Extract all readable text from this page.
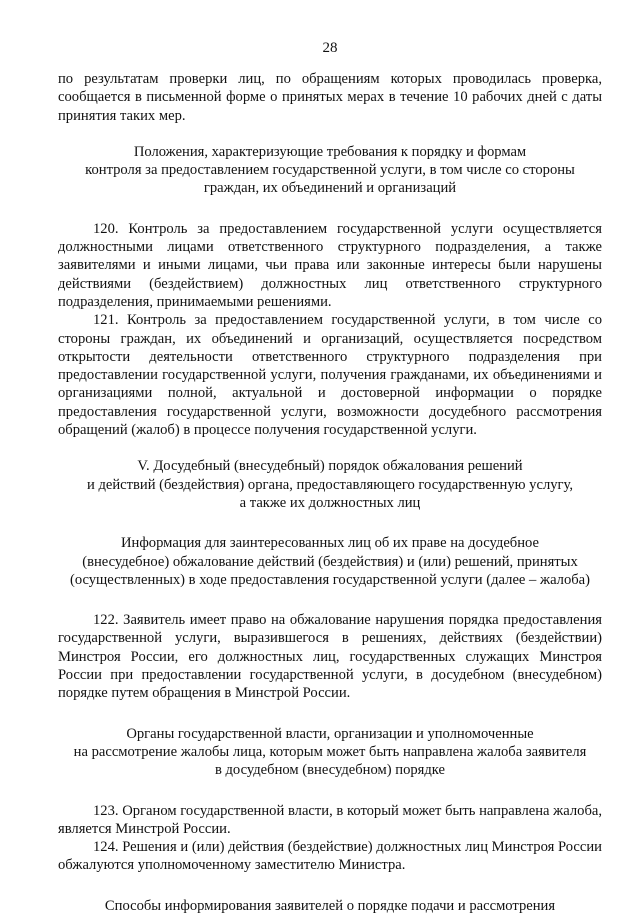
28

по результатам проверки лиц, по обращениям которых проводилась проверка, сообщается в письменной форме о принятых мерах в течение 10 рабочих дней с даты принятия таких мер.

Положения, характеризующие требования к порядку и формам
контроля за предоставлением государственной услуги, в том числе со стороны
граждан, их объединений и организаций

120. Контроль за предоставлением государственной услуги осуществляется должностными лицами ответственного структурного подразделения, а также заявителями и иными лицами, чьи права или законные интересы были нарушены действиями (бездействием) должностных лиц ответственного структурного подразделения, принимаемыми решениями.

121. Контроль за предоставлением государственной услуги, в том числе со стороны граждан, их объединений и организаций, осуществляется посредством открытости деятельности ответственного структурного подразделения при предоставлении государственной услуги, получения гражданами, их объединениями и организациями полной, актуальной и достоверной информации о порядке предоставления государственной услуги, возможности досудебного рассмотрения обращений (жалоб) в процессе получения государственной услуги.

V. Досудебный (внесудебный) порядок обжалования решений
и действий (бездействия) органа, предоставляющего государственную услугу,
а также их должностных лиц
Информация для заинтересованных лиц об их праве на досудебное
(внесудебное) обжалование действий (бездействия) и (или) решений, принятых
(осуществленных) в ходе предоставления государственной услуги (далее – жалоба)

122. Заявитель имеет право на обжалование нарушения порядка предоставления государственной услуги, выразившегося в решениях, действиях (бездействии) Минстроя России, его должностных лиц, государственных служащих Минстроя России при предоставлении государственной услуги, в досудебном (внесудебном) порядке путем обращения в Минстрой России.

Органы государственной власти, организации и уполномоченные
на рассмотрение жалобы лица, которым может быть направлена жалоба заявителя
в досудебном (внесудебном) порядке

123. Органом государственной власти, в который может быть направлена жалоба, является Минстрой России.

124. Решения и (или) действия (бездействие) должностных лиц Минстроя России обжалуются уполномоченному заместителю Министра.

Способы информирования заявителей о порядке подачи и рассмотрения
